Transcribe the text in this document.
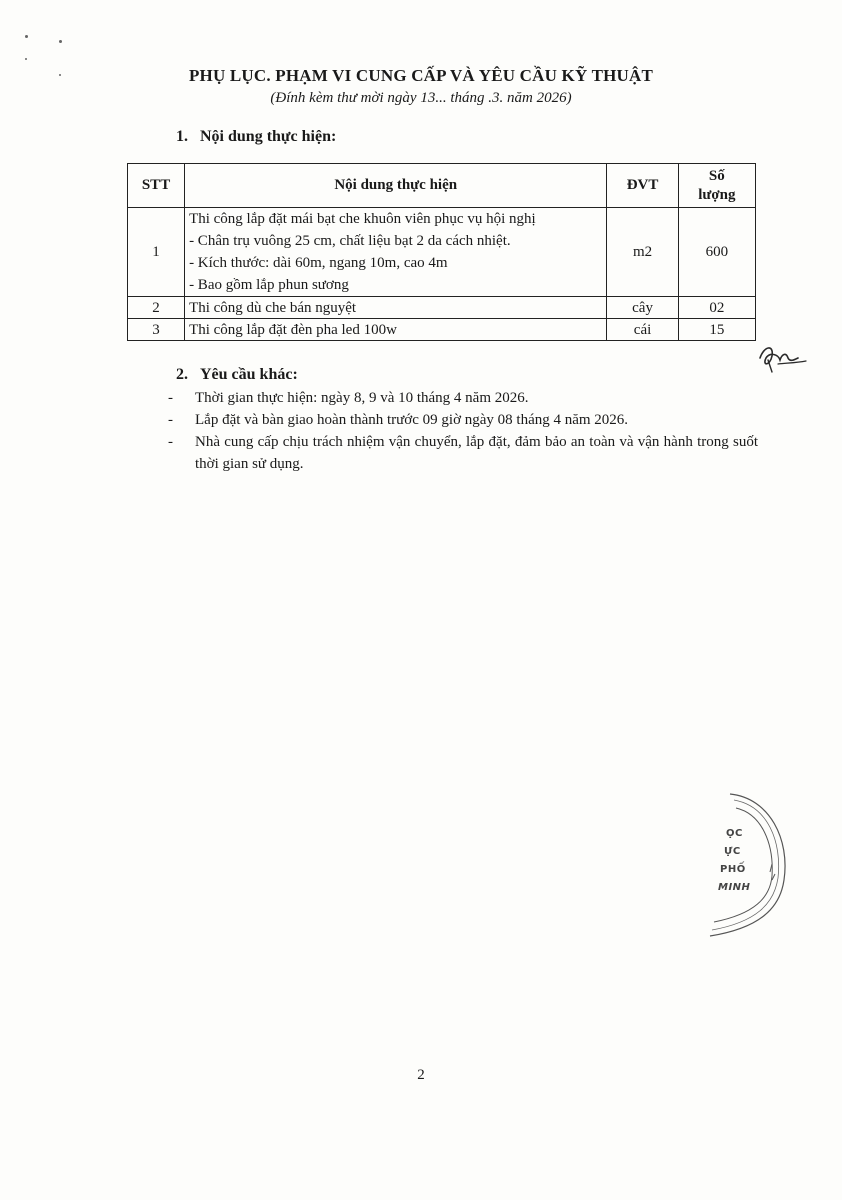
PHỤ LỤC. PHẠM VI CUNG CẤP VÀ YÊU CẦU KỸ THUẬT
(Đính kèm thư mời ngày 13... tháng .3. năm 2026)
1. Nội dung thực hiện:
STT	Nội dung thực hiện	ĐVT	Số
lượng
1	Thi công lắp đặt mái bạt che khuôn viên phục vụ hội nghị
- Chân trụ vuông 25 cm, chất liệu bạt 2 da cách nhiệt.
- Kích thước: dài 60m, ngang 10m, cao 4m
- Bao gồm lắp phun sương	m2	600
2	Thi công dù che bán nguyệt	cây	02
3	Thi công lắp đặt đèn pha led 100w	cái	15
2. Yêu cầu khác:
- Thời gian thực hiện: ngày 8, 9 và 10 tháng 4 năm 2026.
- Lắp đặt và bàn giao hoàn thành trước 09 giờ ngày 08 tháng 4 năm 2026.
- Nhà cung cấp chịu trách nhiệm vận chuyển, lắp đặt, đảm bảo an toàn và vận hành trong suốt thời gian sử dụng.
ỌC
ỰC
PHỐ
MINH
2
